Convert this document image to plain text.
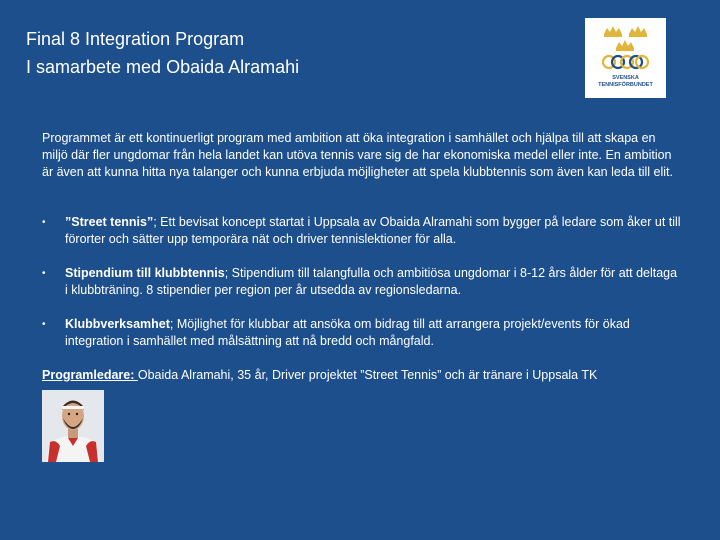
Final 8 Integration Program
I samarbete med Obaida Alramahi
SVENSKA
TENNISFÖRBUNDET

Programmet är ett kontinuerligt program med ambition att öka integration i samhället och hjälpa till att skapa en miljö där fler ungdomar från hela landet kan utöva tennis vare sig de har ekonomiska medel eller inte. En ambition är även att kunna hitta nya talanger och kunna erbjuda möjligheter att spela klubbtennis som även kan leda till elit.

• ”Street tennis”; Ett bevisat koncept startat i Uppsala av Obaida Alramahi som bygger på ledare som åker ut till förorter och sätter upp temporära nät och driver tennislektioner för alla.
• Stipendium till klubbtennis; Stipendium till talangfulla och ambitiösa ungdomar i 8-12 års ålder för att deltaga i klubbträning. 8 stipendier per region per år utsedda av regionsledarna.
• Klubbverksamhet; Möjlighet för klubbar att ansöka om bidrag till att arrangera projekt/events för ökad integration i samhället med målsättning att nå bredd och mångfald.

Programledare: Obaida Alramahi, 35 år, Driver projektet ”Street Tennis” och är tränare i Uppsala TK
